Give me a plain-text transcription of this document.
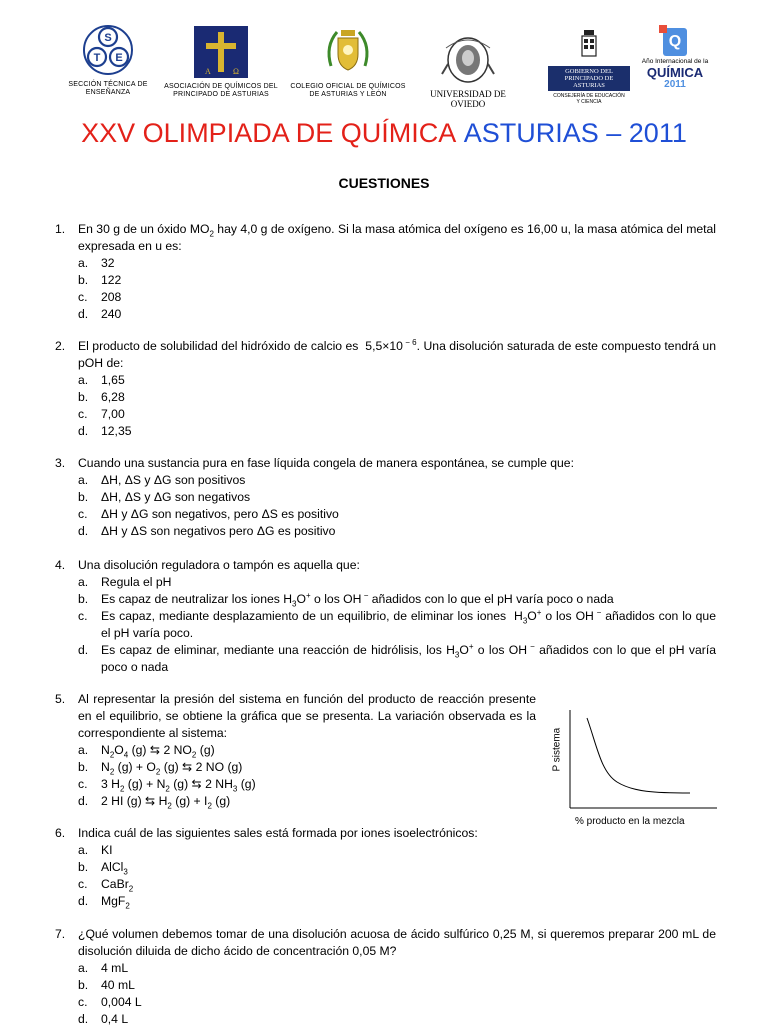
S
T E
SECCIÓN TÉCNICA DE
ENSEÑANZA
A	Ω
ASOCIACIÓN DE QUÍMICOS DEL
PRINCIPADO DE ASTURIAS
COLEGIO OFICIAL DE QUÍMICOS
DE ASTURIAS Y LEÓN	UNIVERSIDAD DE OVIEDO
GOBIERNO DEL
PRINCIPADO DE ASTURIAS
CONSEJERÍA DE EDUCACIÓN
Y CIENCIA
Q
Año Internacional de la
QUÍMICA
2011
XXV OLIMPIADA DE QUÍMICA ASTURIAS – 2011
CUESTIONES
1. En 30 g de un óxido $MO_2$ hay 4,0 g de oxígeno. Si la masa atómica del oxígeno es 16,00 u, la masa atómica del metal expresada en u es:
a.	32
b.	122
c.	208
d.	240
2. El producto de solubilidad del hidróxido de calcio es  5,5×10 $^{- 6}$. Una disolución saturada de este compuesto tendrá un pOH de:
a.	1,65
b.	6,28
c.	7,00
d.	12,35
3. Cuando una sustancia pura en fase líquida congela de manera espontánea, se cumple que:
a.	ΔH, ΔS y ΔG son positivos
b.	ΔH, ΔS y ΔG son negativos
c.	ΔH y ΔG son negativos, pero ΔS es positivo
d.	ΔH y ΔS son negativos pero ΔG es positivo
4. Una disolución reguladora o tampón es aquella que:
a.	Regula el pH
b.	Es capaz de neutralizar los iones $H_3O^+$ o los OH − añadidos con lo que el pH varía poco o nada
c.	Es capaz, mediante desplazamiento de un equilibrio, de eliminar los iones  $H_3O^+$ o los OH − añadidos con lo que el pH varía poco.
d.	Es capaz de eliminar, mediante una reacción de hidrólisis, los $H_3O^+$ o los OH − añadidos con lo que el pH varía poco o nada
5. Al representar la presión del sistema en función del producto de reacción presente en el equilibrio, se obtiene la gráfica que se presenta. La variación observada es la correspondiente al sistema:
a.	$N_2O_4$ (g) ⇆ 2 $NO_2$ (g)
b.	$N_2$ $(g) + O_2$ (g) ⇆ 2 NO (g)
c.	3 $H_2$ $(g) + N_2$ (g) ⇆ 2 $NH_3$ (g)
d.	2 HI (g) ⇆ $H_2$ $(g) + I_2$ (g)
P sistema
% producto en la mezcla
6. Indica cuál de las siguientes sales está formada por iones isoelectrónicos:
a.	KI
b.	AlCl$_3$
c.	CaBr$_2$
d.	MgF$_2$
7. ¿Qué volumen debemos tomar de una disolución acuosa de ácido sulfúrico 0,25 M, si queremos preparar 200 mL de disolución diluida de dicho ácido de concentración 0,05 M?
a.	4 mL
b.	40 mL
c.	0,004 L
d.	0,4 L
